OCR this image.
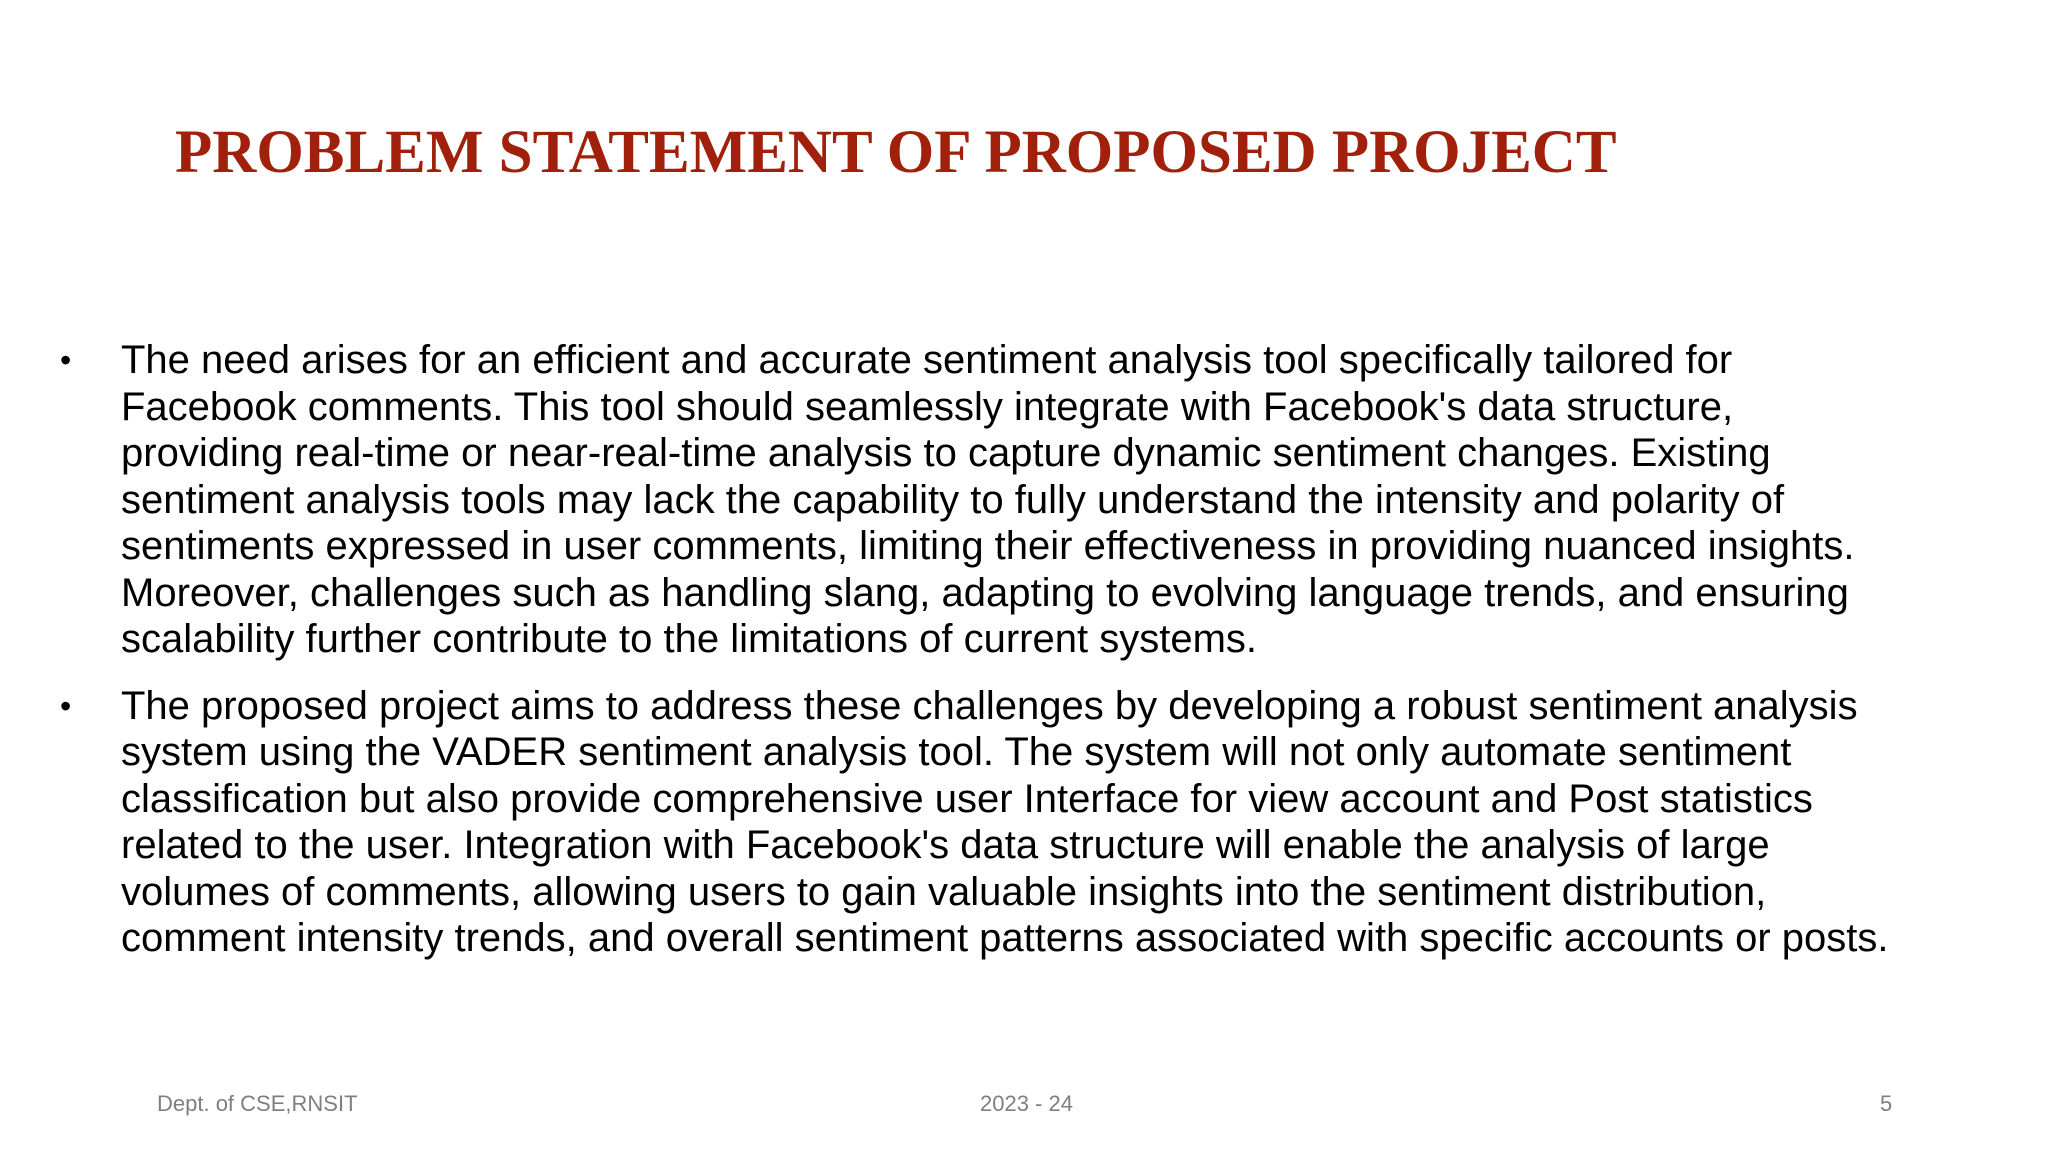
PROBLEM STATEMENT OF PROPOSED PROJECT
• The need arises for an efficient and accurate sentiment analysis tool specifically tailored for
Facebook comments. This tool should seamlessly integrate with Facebook's data structure,
providing real-time or near-real-time analysis to capture dynamic sentiment changes. Existing
sentiment analysis tools may lack the capability to fully understand the intensity and polarity of
sentiments expressed in user comments, limiting their effectiveness in providing nuanced insights.
Moreover, challenges such as handling slang, adapting to evolving language trends, and ensuring
scalability further contribute to the limitations of current systems.
• The proposed project aims to address these challenges by developing a robust sentiment analysis
system using the VADER sentiment analysis tool. The system will not only automate sentiment
classification but also provide comprehensive user Interface for view account and Post statistics
related to the user. Integration with Facebook's data structure will enable the analysis of large
volumes of comments, allowing users to gain valuable insights into the sentiment distribution,
comment intensity trends, and overall sentiment patterns associated with specific accounts or posts.
Dept. of CSE,RNSIT	2023 - 24	5
